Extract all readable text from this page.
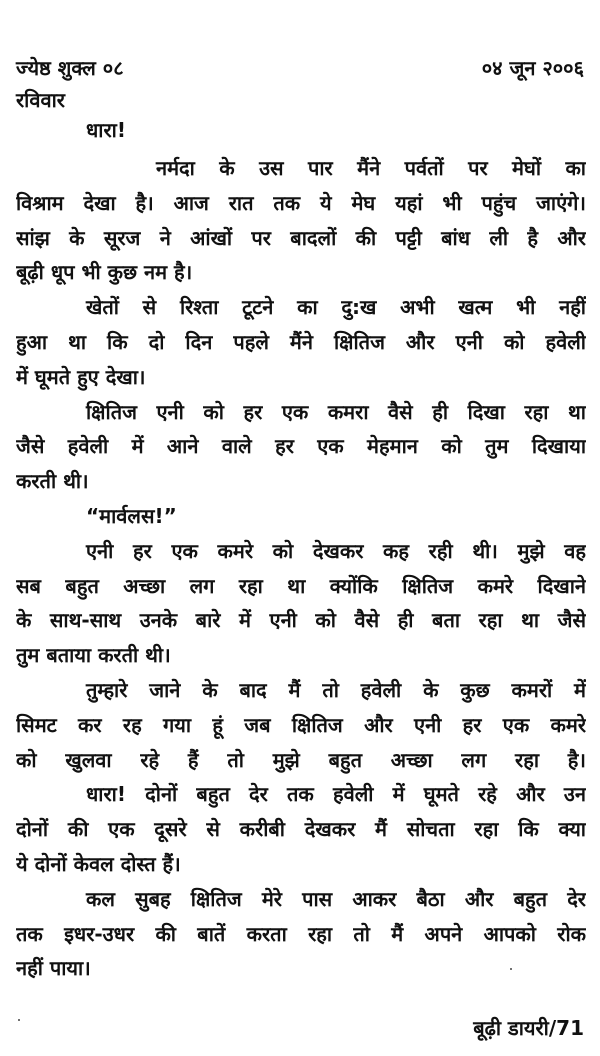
ज्येष्ठ शुक्ल ०८	०४ जून २००६
रविवार
धारा!
नर्मदा के उस पार मैंने पर्वतों पर मेघों का
विश्राम देखा है। आज रात तक ये मेघ यहां भी पहुंच जाएंगे।
सांझ के सूरज ने आंखों पर बादलों की पट्टी बांध ली है और
बूढ़ी धूप भी कुछ नम है।
खेतों से रिश्ता टूटने का दु:ख अभी खत्म भी नहीं
हुआ था कि दो दिन पहले मैंने क्षितिज और एनी को हवेली
में घूमते हुए देखा।
क्षितिज एनी को हर एक कमरा वैसे ही दिखा रहा था
जैसे हवेली में आने वाले हर एक मेहमान को तुम दिखाया
करती थी।
“मार्वलस!”
एनी हर एक कमरे को देखकर कह रही थी। मुझे वह
सब बहुत अच्छा लग रहा था क्योंकि क्षितिज कमरे दिखाने
के साथ-साथ उनके बारे में एनी को वैसे ही बता रहा था जैसे
तुम बताया करती थी।
तुम्हारे जाने के बाद मैं तो हवेली के कुछ कमरों में
सिमट कर रह गया हूं जब क्षितिज और एनी हर एक कमरे
को खुलवा रहे हैं तो मुझे बहुत अच्छा लग रहा है।
धारा! दोनों बहुत देर तक हवेली में घूमते रहे और उन
दोनों की एक दूसरे से करीबी देखकर मैं सोचता रहा कि क्या
ये दोनों केवल दोस्त हैं।
कल सुबह क्षितिज मेरे पास आकर बैठा और बहुत देर
तक इधर-उधर की बातें करता रहा तो मैं अपने आपको रोक
नहीं पाया।
बूढ़ी डायरी/71
